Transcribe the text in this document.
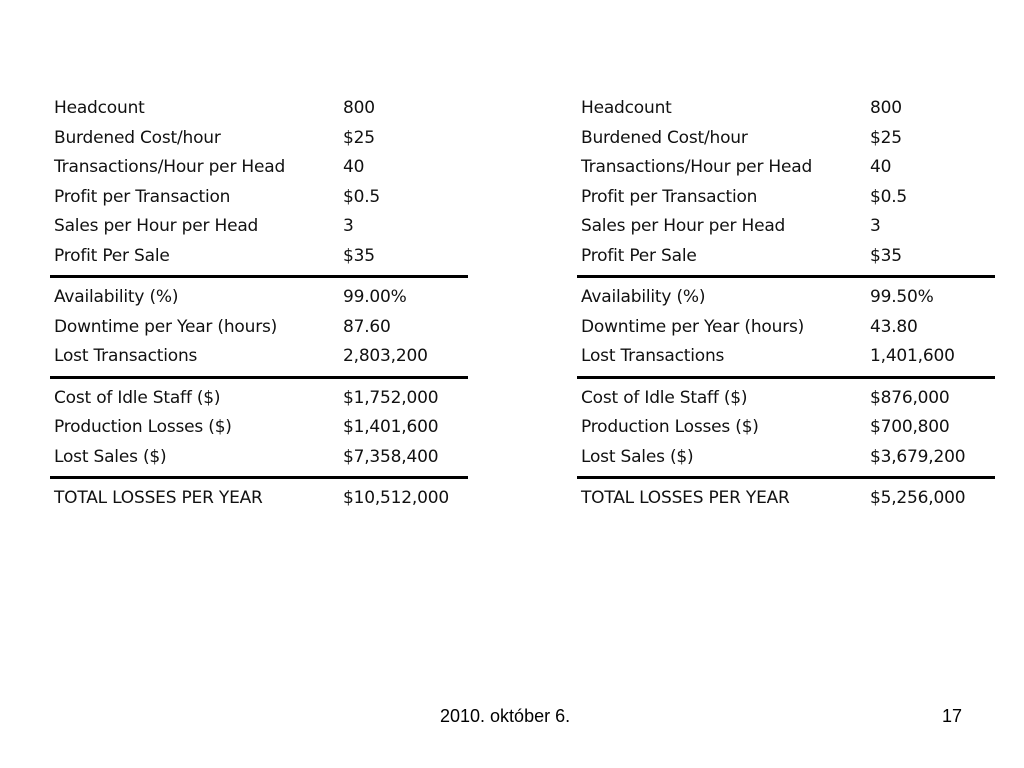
Headcount	800
Burdened Cost/hour	$25
Transactions/Hour per Head	40
Profit per Transaction	$0.5
Sales per Hour per Head	3
Profit Per Sale	$35
Availability (%)	99.00%
Downtime per Year (hours)	87.60
Lost Transactions	2,803,200
Cost of Idle Staff ($)	$1,752,000
Production Losses ($)	$1,401,600
Lost Sales ($)	$7,358,400
TOTAL LOSSES PER YEAR	$10,512,000
Headcount	800
Burdened Cost/hour	$25
Transactions/Hour per Head	40
Profit per Transaction	$0.5
Sales per Hour per Head	3
Profit Per Sale	$35
Availability (%)	99.50%
Downtime per Year (hours)	43.80
Lost Transactions	1,401,600
Cost of Idle Staff ($)	$876,000
Production Losses ($)	$700,800
Lost Sales ($)	$3,679,200
TOTAL LOSSES PER YEAR	$5,256,000
2010. október 6.	17
